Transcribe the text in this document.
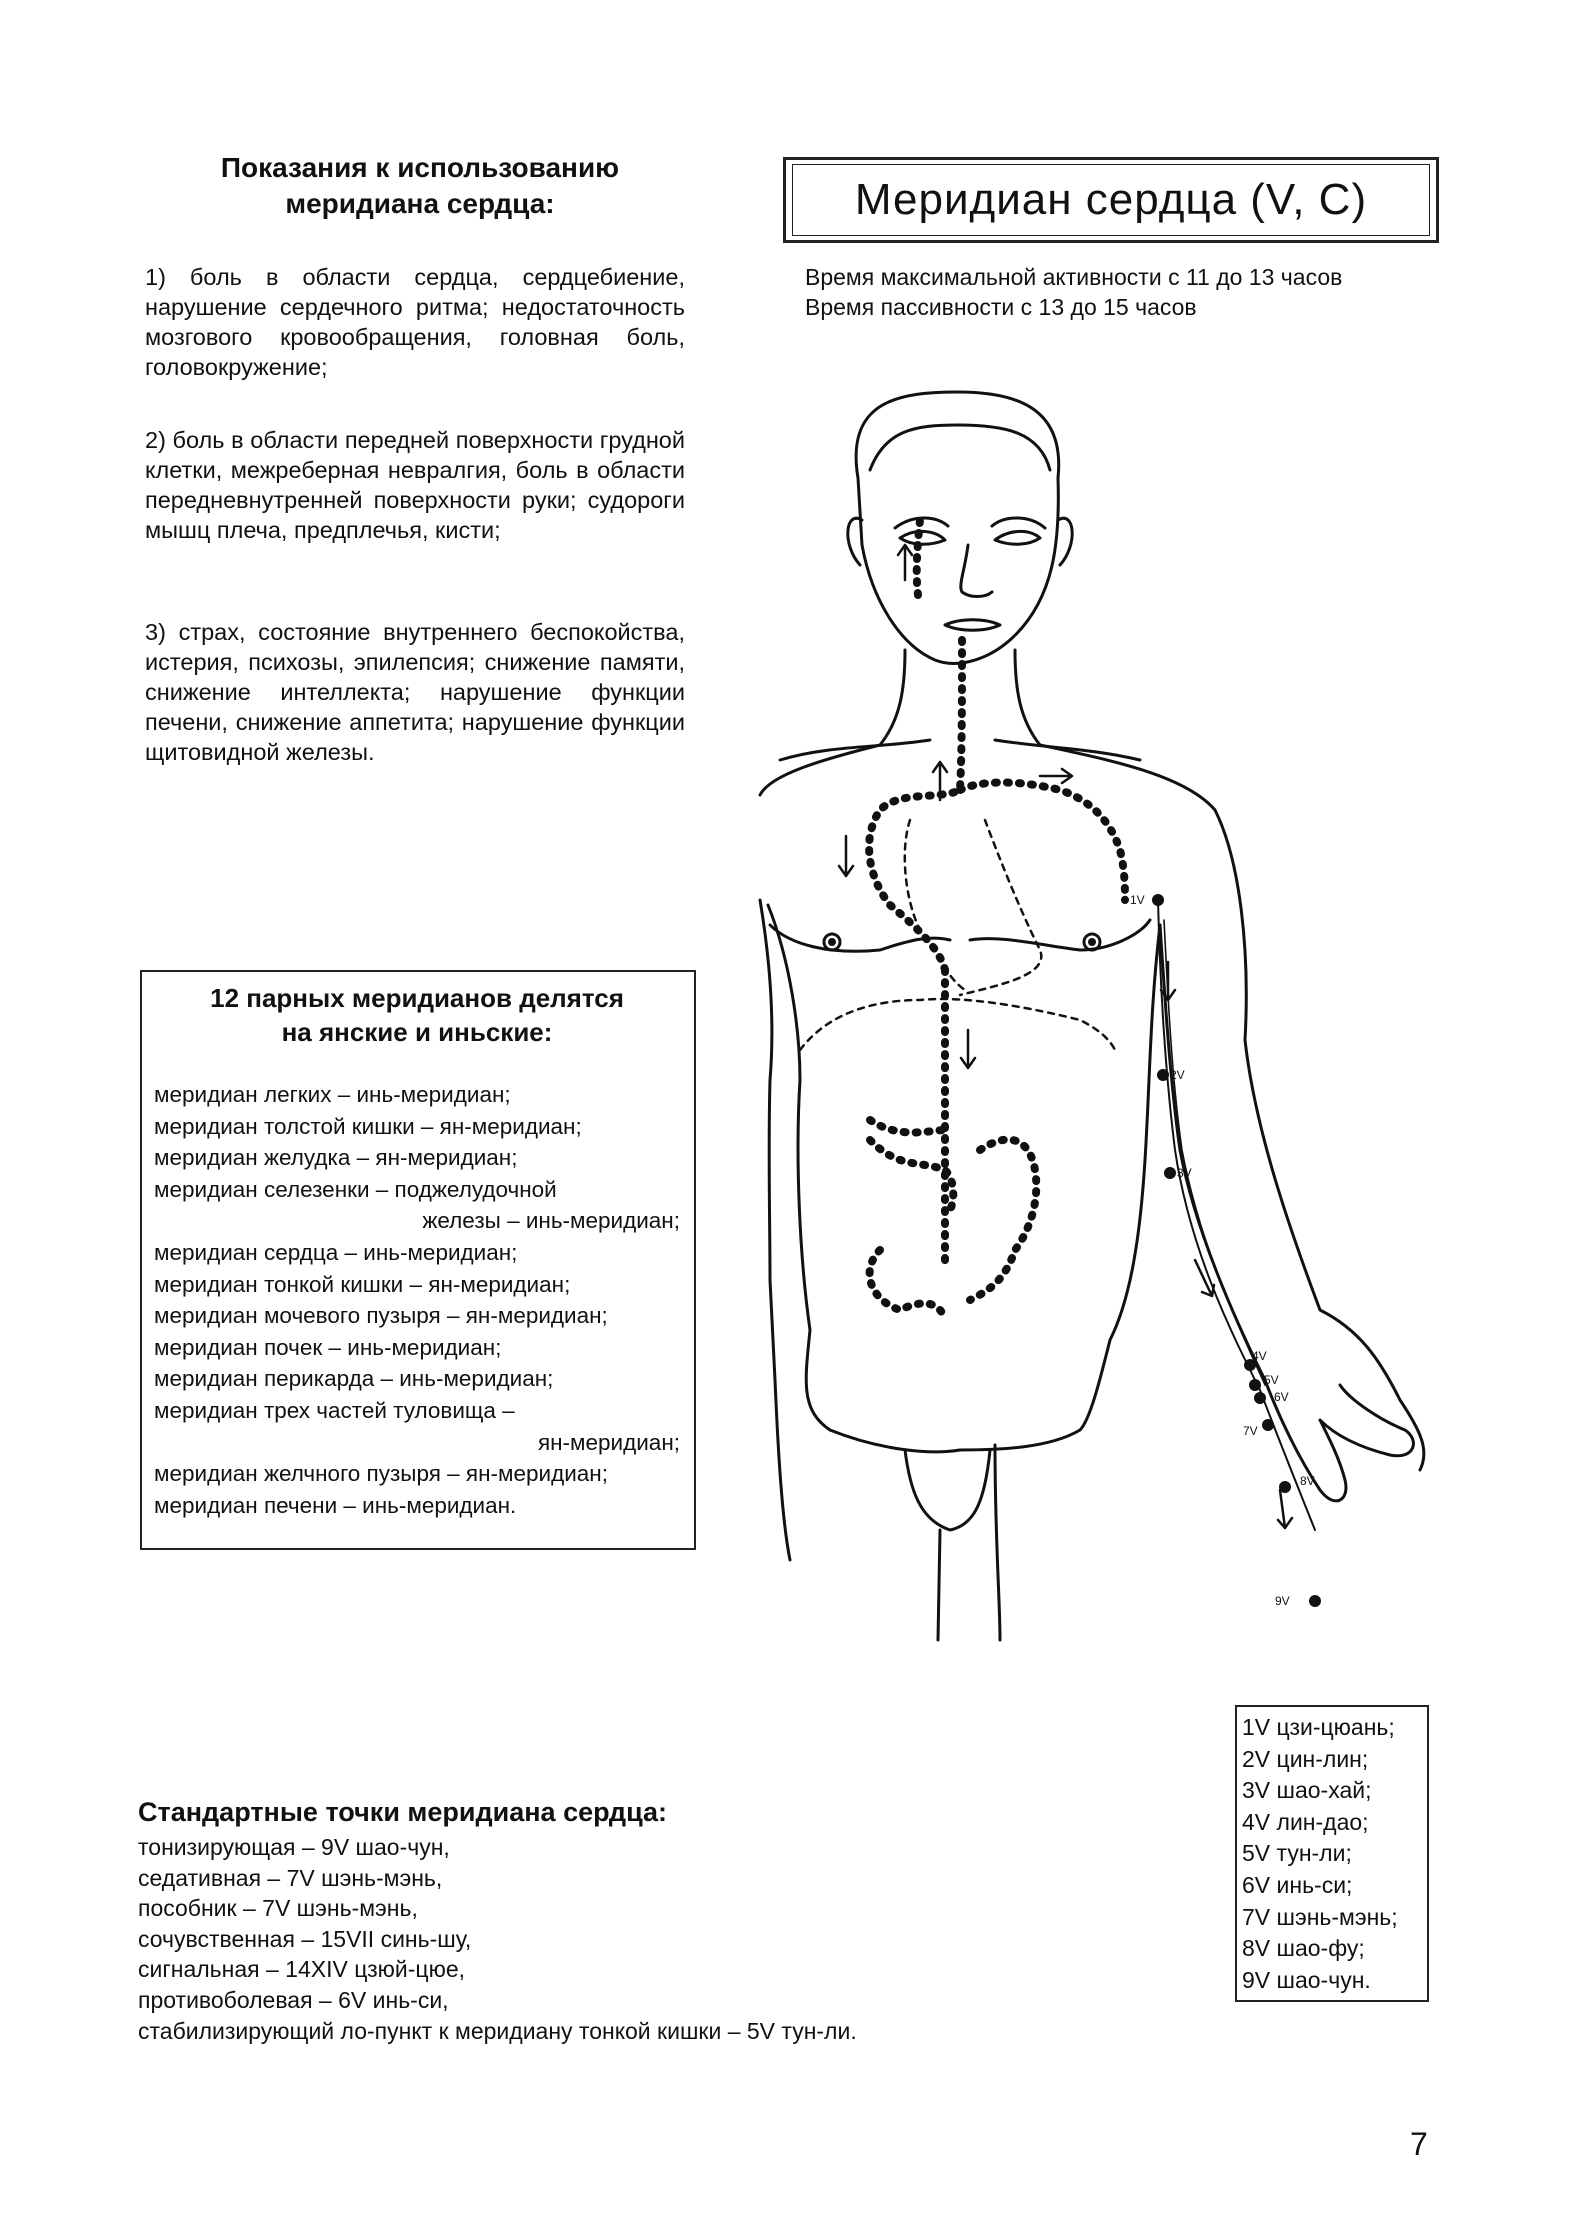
Показания к использованию
меридиана сердца:
1) боль в области сердца, сердцебиение, нарушение сердечного ритма; недостаточность мозгового кровообращения, головная боль, головокружение;
2) боль в области передней поверхности грудной клетки, межреберная невралгия, боль в области передневнутренней поверхности руки; судороги мышц плеча, предплечья, кисти;
3) страх, состояние внутреннего беспокойства, истерия, психозы, эпилепсия; снижение памяти, снижение интеллекта; нарушение функции печени, снижение аппетита; нарушение функции щитовидной железы.
Меридиан сердца (V, C)
Время максимальной активности с 11 до 13 часов
Время пассивности с 13 до 15 часов
12 парных меридианов делятся
на янские и иньские:
меридиан легких – инь-меридиан;
меридиан толстой кишки – ян-меридиан;
меридиан желудка – ян-меридиан;
меридиан селезенки – поджелудочной
железы – инь-меридиан;
меридиан сердца – инь-меридиан;
меридиан тонкой кишки – ян-меридиан;
меридиан мочевого пузыря – ян-меридиан;
меридиан почек – инь-меридиан;
меридиан перикарда – инь-меридиан;
меридиан трех частей туловища –
ян-меридиан;
меридиан желчного пузыря – ян-меридиан;
меридиан печени – инь-меридиан.
1V
2V
3V
4V
5V
6V
7V
8V
9V
Стандартные точки меридиана сердца:
тонизирующая – 9V шао-чун,
седативная – 7V шэнь-мэнь,
пособник – 7V шэнь-мэнь,
сочувственная – 15VII синь-шу,
сигнальная – 14XIV цзюй-цюе,
противоболевая – 6V инь-си,
стабилизирующий ло-пункт к меридиану тонкой кишки – 5V тун-ли.
1V цзи-цюань;
2V цин-лин;
3V шао-хай;
4V лин-дао;
5V тун-ли;
6V инь-си;
7V шэнь-мэнь;
8V шао-фу;
9V шао-чун.
7
